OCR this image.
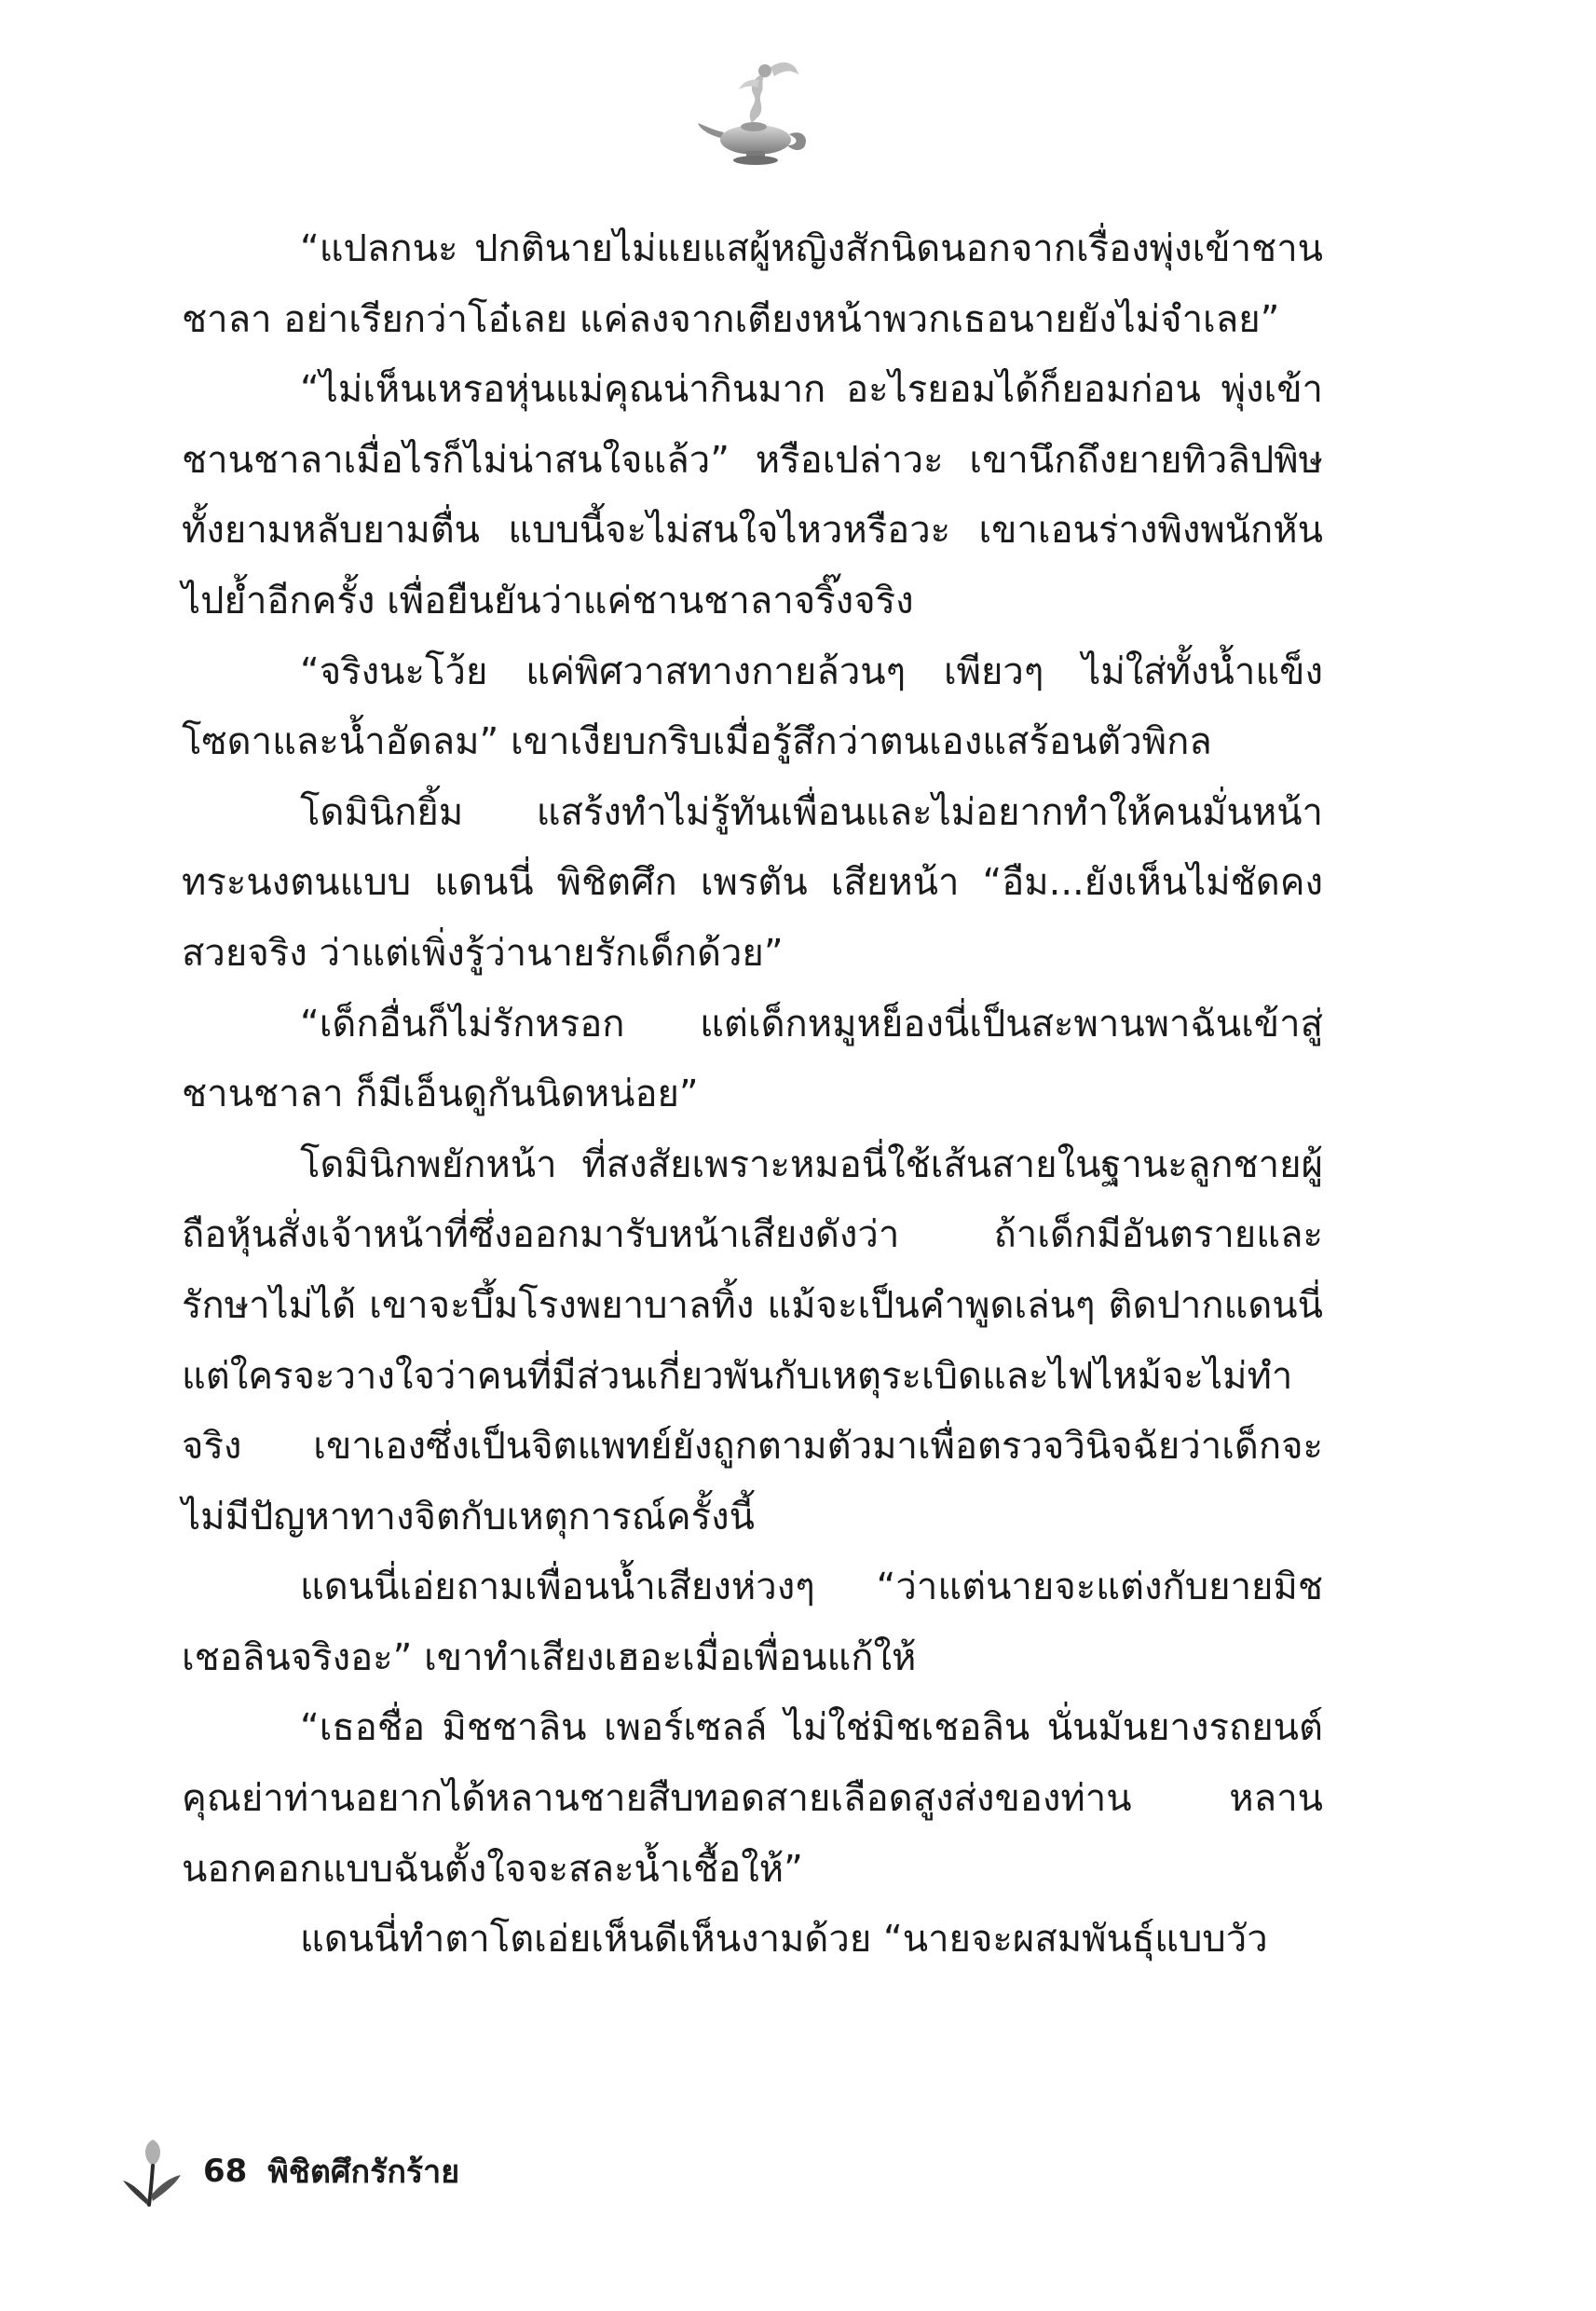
“แปลกนะ ปกตินายไม่แยแสผู้หญิงสักนิดนอกจากเรื่องพุ่งเข้าชานชาลา อย่าเรียกว่าโอ๋เลย แค่ลงจากเตียงหน้าพวกเธอนายยังไม่จำเลย”

“ไม่เห็นเหรอหุ่นแม่คุณน่ากินมาก อะไรยอมได้ก็ยอมก่อน พุ่งเข้าชานชาลาเมื่อไรก็ไม่น่าสนใจแล้ว” หรือเปล่าวะ เขานึกถึงยายทิวลิปพิษทั้งยามหลับยามตื่น แบบนี้จะไม่สนใจไหวหรือวะ เขาเอนร่างพิงพนักหันไปย้ำอีกครั้ง เพื่อยืนยันว่าแค่ชานชาลาจริ๊งจริง

“จริงนะโว้ย แค่พิศวาสทางกายล้วนๆ เพียวๆ ไม่ใส่ทั้งน้ำแข็งโซดาและน้ำอัดลม” เขาเงียบกริบเมื่อรู้สึกว่าตนเองแสร้อนตัวพิกล

โดมินิกยิ้ม แสร้งทำไม่รู้ทันเพื่อนและไม่อยากทำให้คนมั่นหน้าทระนงตนแบบ แดนนี่ พิชิตศึก เพรตัน เสียหน้า “อืม...ยังเห็นไม่ชัดคงสวยจริง ว่าแต่เพิ่งรู้ว่านายรักเด็กด้วย”

“เด็กอื่นก็ไม่รักหรอก แต่เด็กหมูหย็องนี่เป็นสะพานพาฉันเข้าสู่ชานชาลา ก็มีเอ็นดูกันนิดหน่อย”

โดมินิกพยักหน้า ที่สงสัยเพราะหมอนี่ใช้เส้นสายในฐานะลูกชายผู้ถือหุ้นสั่งเจ้าหน้าที่ซึ่งออกมารับหน้าเสียงดังว่า ถ้าเด็กมีอันตรายและรักษาไม่ได้ เขาจะบึ้มโรงพยาบาลทิ้ง แม้จะเป็นคำพูดเล่นๆ ติดปากแดนนี่ แต่ใครจะวางใจว่าคนที่มีส่วนเกี่ยวพันกับเหตุระเบิดและไฟไหม้จะไม่ทำจริง เขาเองซึ่งเป็นจิตแพทย์ยังถูกตามตัวมาเพื่อตรวจวินิจฉัยว่าเด็กจะไม่มีปัญหาทางจิตกับเหตุการณ์ครั้งนี้

แดนนี่เอ่ยถามเพื่อนน้ำเสียงห่วงๆ “ว่าแต่นายจะแต่งกับยายมิชเชอลินจริงอะ” เขาทำเสียงเฮอะเมื่อเพื่อนแก้ให้

“เธอชื่อ มิชชาลิน เพอร์เซลล์ ไม่ใช่มิชเชอลิน นั่นมันยางรถยนต์คุณย่าท่านอยากได้หลานชายสืบทอดสายเลือดสูงส่งของท่าน หลานนอกคอกแบบฉันตั้งใจจะสละน้ำเชื้อให้”

แดนนี่ทำตาโตเอ่ยเห็นดีเห็นงามด้วย “นายจะผสมพันธุ์แบบวัว

68 พิชิตศึกรักร้าย
